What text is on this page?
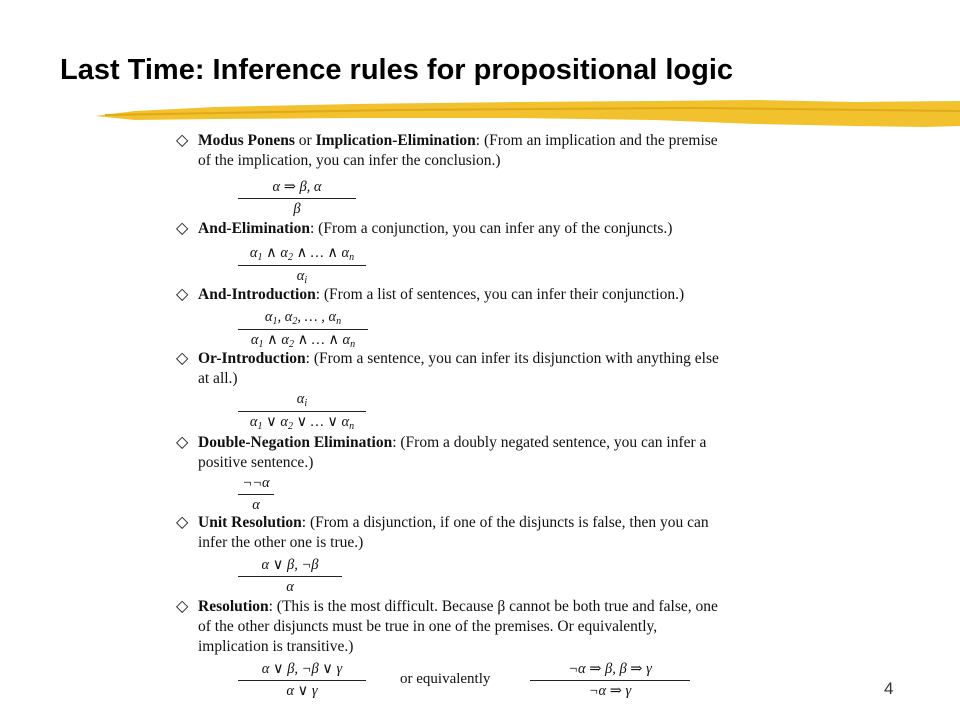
Last Time: Inference rules for propositional logic
◇ Modus Ponens or Implication-Elimination: (From an implication and the premise of the implication, you can infer the conclusion.)
α ⇒ β, α
β
◇ And-Elimination: (From a conjunction, you can infer any of the conjuncts.)
$\alpha_1$ ∧ $\alpha_2$ ∧ … ∧ $\alpha_n$
$\alpha_i$
◇ And-Introduction: (From a list of sentences, you can infer their conjunction.)
$\alpha_1$, $\alpha_2$, … , $\alpha_n$
$\alpha_1$ ∧ $\alpha_2$ ∧ … ∧ $\alpha_n$
◇ Or-Introduction: (From a sentence, you can infer its disjunction with anything else at all.)
$\alpha_i$
$\alpha_1$ ∨ $\alpha_2$ ∨ … ∨ $\alpha_n$
◇ Double-Negation Elimination: (From a doubly negated sentence, you can infer a positive sentence.)
¬¬α
α
◇ Unit Resolution: (From a disjunction, if one of the disjuncts is false, then you can infer the other one is true.)
α ∨ β, ¬β
α
◇ Resolution: (This is the most difficult. Because β cannot be both true and false, one of the other disjuncts must be true in one of the premises. Or equivalently, implication is transitive.)
α ∨ β, ¬β ∨ γ
α ∨ γ
or equivalently
¬α ⇒ β, β ⇒ γ
¬α ⇒ γ	4
